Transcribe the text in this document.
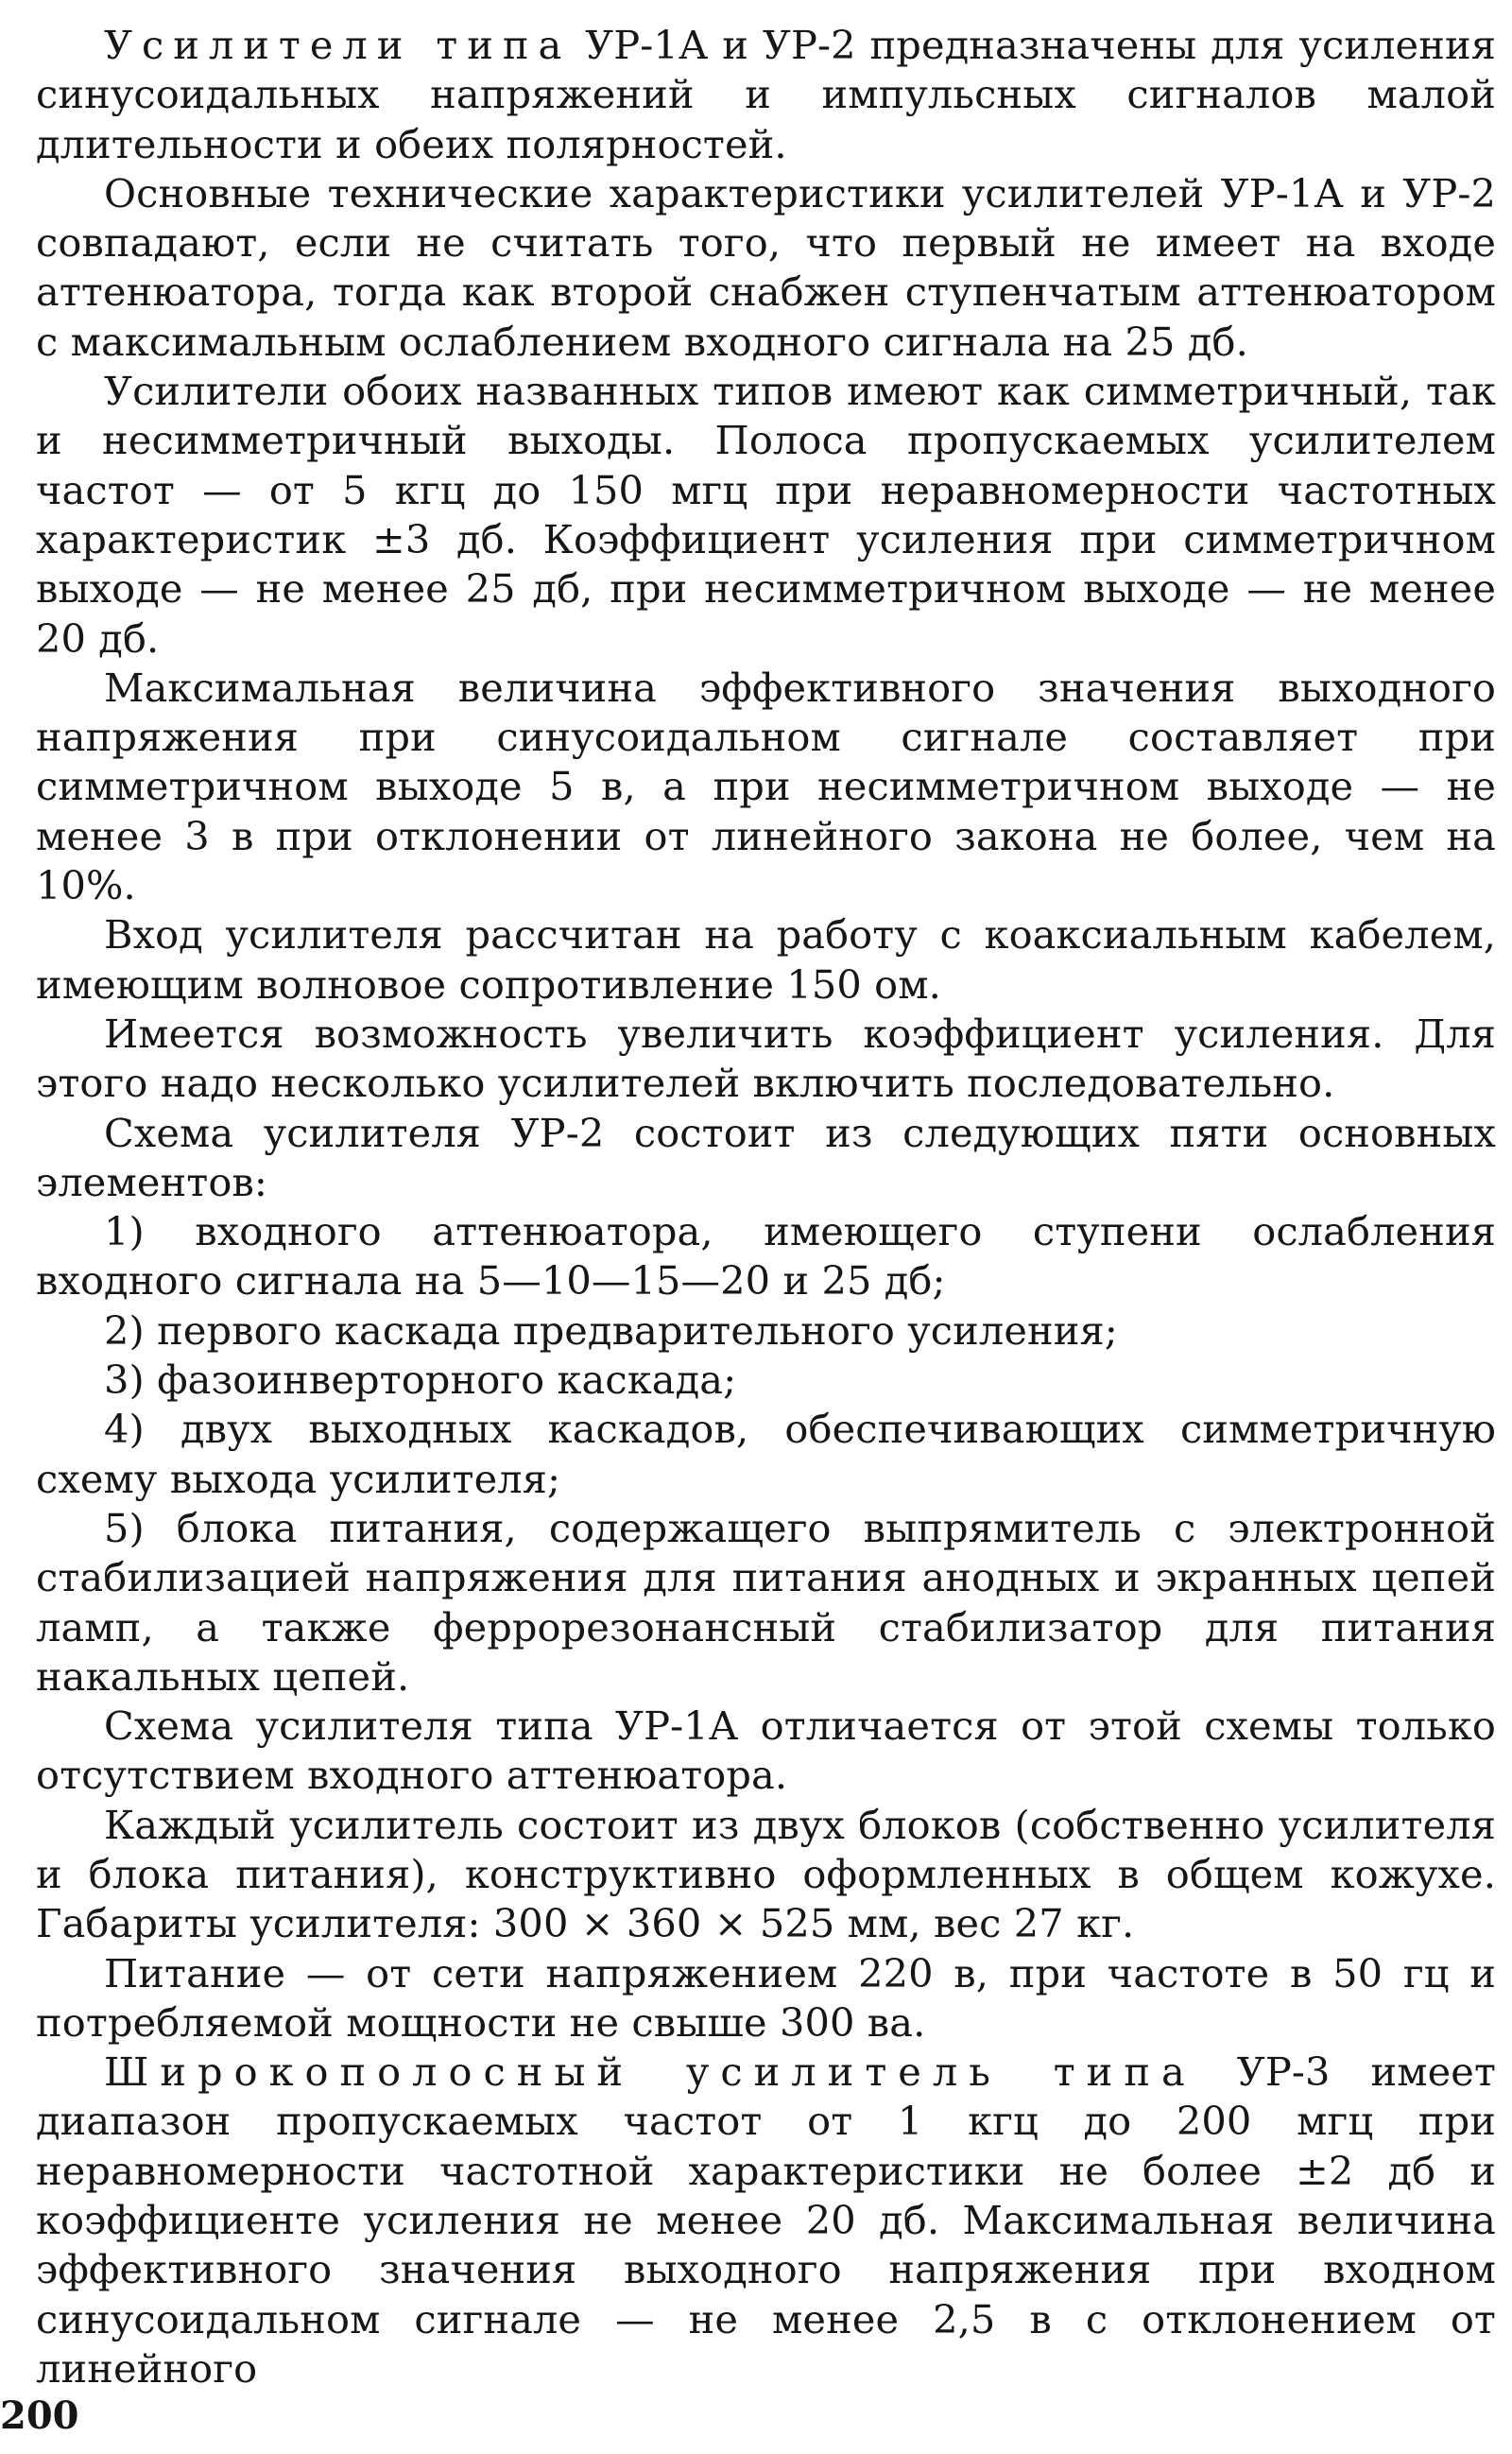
Усилители типа УР-1А и УР-2 предназначены для усиления синусоидальных напряжений и импульсных сигналов малой длительности и обеих полярностей.

Основные технические характеристики усилителей УР-1А и УР-2 совпадают, если не считать того, что первый не имеет на входе аттенюатора, тогда как второй снабжен ступенчатым аттенюатором с максимальным ослаблением входного сигнала на 25 дб.

Усилители обоих названных типов имеют как симметричный, так и несимметричный выходы. Полоса пропускаемых усилителем частот — от 5 кгц до 150 мгц при неравномерности частотных характеристик ±3 дб. Коэффициент усиления при симметричном выходе — не менее 25 дб, при несимметричном выходе — не менее 20 дб.

Максимальная величина эффективного значения выходного напряжения при синусоидальном сигнале составляет при симметричном выходе 5 в, а при несимметричном выходе — не менее 3 в при отклонении от линейного закона не более, чем на 10%.

Вход усилителя рассчитан на работу с коаксиальным кабелем, имеющим волновое сопротивление 150 ом.

Имеется возможность увеличить коэффициент усиления. Для этого надо несколько усилителей включить последовательно.

Схема усилителя УР-2 состоит из следующих пяти основных элементов:

1) входного аттенюатора, имеющего ступени ослабления входного сигнала на 5—10—15—20 и 25 дб;

2) первого каскада предварительного усиления;

3) фазоинверторного каскада;

4) двух выходных каскадов, обеспечивающих симметричную схему выхода усилителя;

5) блока питания, содержащего выпрямитель с электронной стабилизацией напряжения для питания анодных и экранных цепей ламп, а также феррорезонансный стабилизатор для питания накальных цепей.

Схема усилителя типа УР-1А отличается от этой схемы только отсутствием входного аттенюатора.

Каждый усилитель состоит из двух блоков (собственно усилителя и блока питания), конструктивно оформленных в общем кожухе. Габариты усилителя: 300 × 360 × 525 мм, вес 27 кг.

Питание — от сети напряжением 220 в, при частоте в 50 гц и потребляемой мощности не свыше 300 ва.

Широкополосный усилитель типа УР-3 имеет диапазон пропускаемых частот от 1 кгц до 200 мгц при неравномерности частотной характеристики не более ±2 дб и коэффициенте усиления не менее 20 дб. Максимальная величина эффективного значения выходного напряжения при входном синусоидальном сигнале — не менее 2,5 в с отклонением от линейного

200
